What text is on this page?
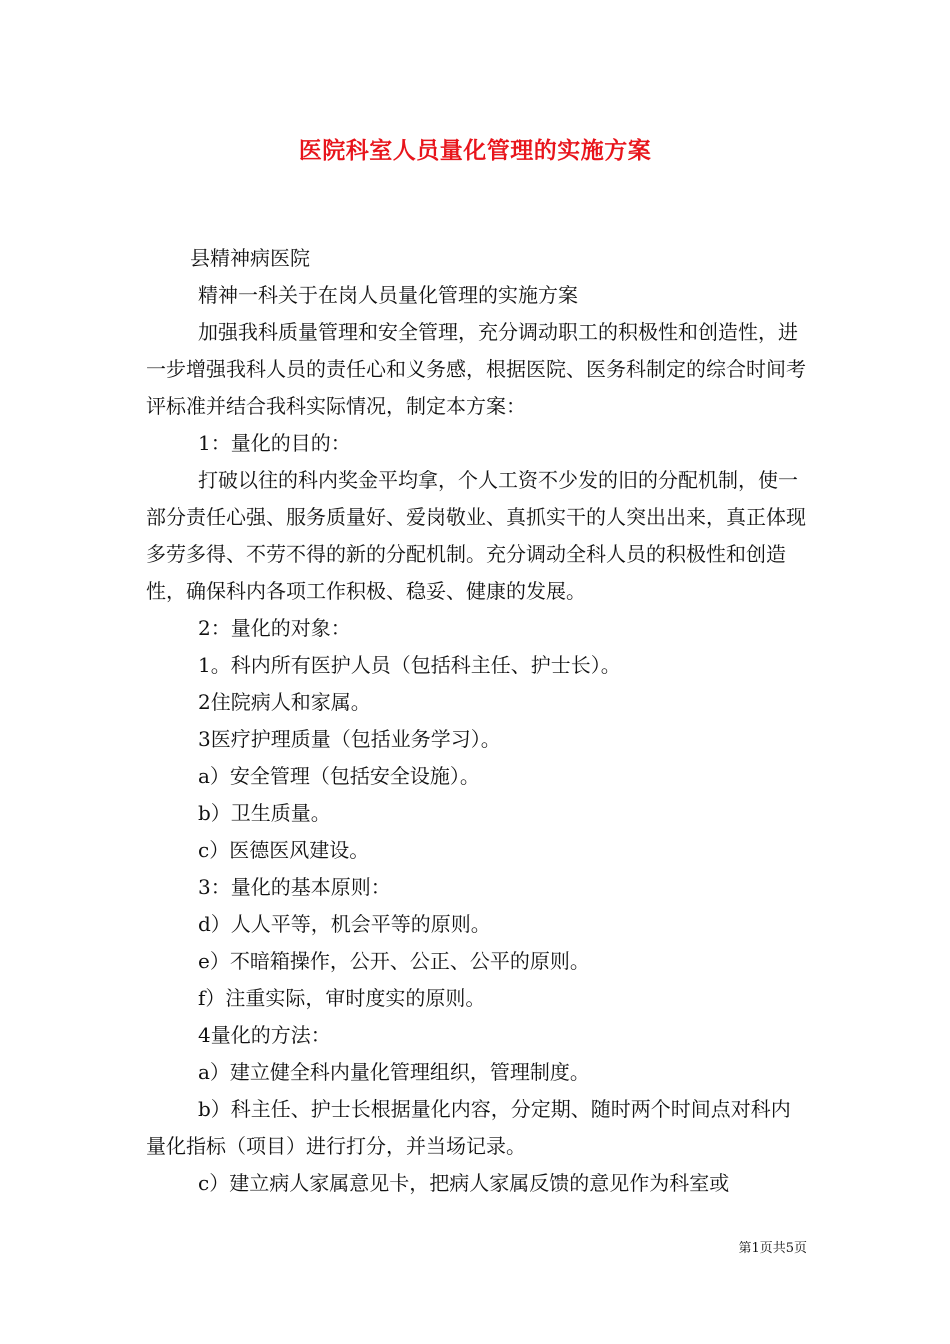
医院科室人员量化管理的实施方案

县精神病医院

精神一科关于在岗人员量化管理的实施方案

加强我科质量管理和安全管理，充分调动职工的积极性和创造性，进一步增强我科人员的责任心和义务感，根据医院、医务科制定的综合时间考评标准并结合我科实际情况，制定本方案：

1：量化的目的：

打破以往的科内奖金平均拿，个人工资不少发的旧的分配机制，使一部分责任心强、服务质量好、爱岗敬业、真抓实干的人突出出来，真正体现多劳多得、不劳不得的新的分配机制。充分调动全科人员的积极性和创造性，确保科内各项工作积极、稳妥、健康的发展。

2：量化的对象：

1。科内所有医护人员（包括科主任、护士长）。

2住院病人和家属。

3医疗护理质量（包括业务学习）。

a）安全管理（包括安全设施）。

b）卫生质量。

c）医德医风建设。

3：量化的基本原则：

d）人人平等，机会平等的原则。

e）不暗箱操作，公开、公正、公平的原则。

f）注重实际，审时度实的原则。

4量化的方法：

a）建立健全科内量化管理组织，管理制度。

b）科主任、护士长根据量化内容，分定期、随时两个时间点对科内量化指标（项目）进行打分，并当场记录。

c）建立病人家属意见卡，把病人家属反馈的意见作为科室或

第1页共5页
